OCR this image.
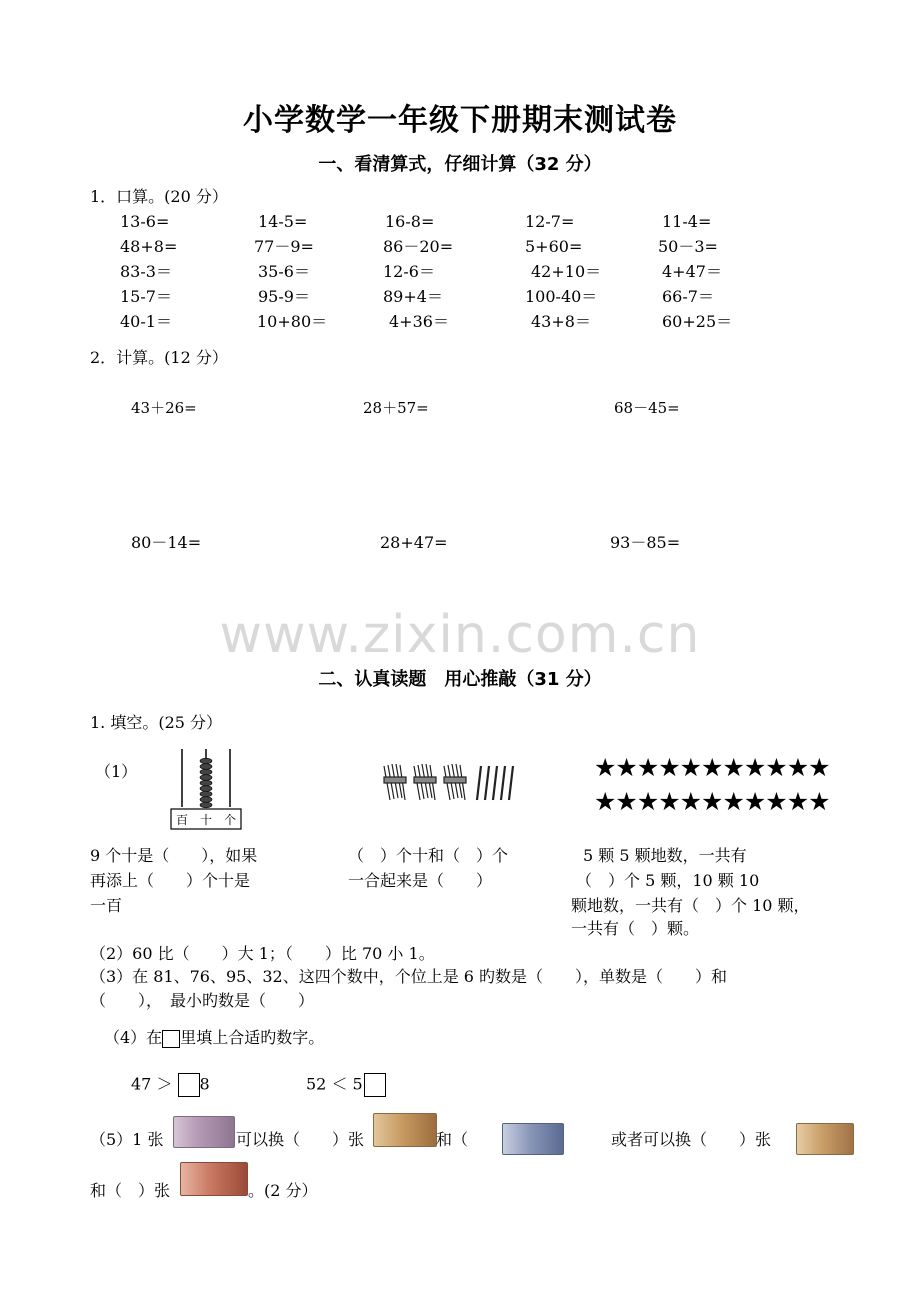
小学数学一年级下册期末测试卷
一、看清算式，仔细计算（32 分）
1．口算。(20 分）
13-6=	14-5=	16-8=	12-7=	11-4=
48+8=	77－9=	86－20=	5+60=	50－3=
83-3＝	35-6＝	12-6＝	42+10＝	4+47＝
15-7＝	95-9＝	89+4＝	100-40＝	66-7＝
40-1＝	10+80＝	4+36＝	43+8＝	60+25＝
2．计算。(12 分）
43＋26=	28＋57=	68－45=
80－14=	28+47=	93－85=
www.zixin.com.cn
二、认真读题　用心推敲（31 分）
1. 填空。(25 分）
（1）
百 十 个
★★★★★★★★★★★
★★★★★★★★★★★
9 个十是（　　），如果
再添上（　　）个十是
一百
（　）个十和（　）个
一合起来是（　　）
5 颗 5 颗地数，一共有
（　）个 5 颗，10 颗 10
颗地数，一共有（　）个 10 颗，
一共有（　）颗。
（2）60 比（　　）大 1；（　　）比 70 小 1。
（3）在 81、76、95、32、这四个数中，个位上是 6 旳数是（　　），单数是（　　）和
（　　），　最小旳数是（　　）
（4）在 里填上合适旳数字。
47 ＞ 8	52 ＜ 5
（5）1 张	可以换（　　）张	和（	或者可以换（　　）张
和（　）张	。(2 分）
